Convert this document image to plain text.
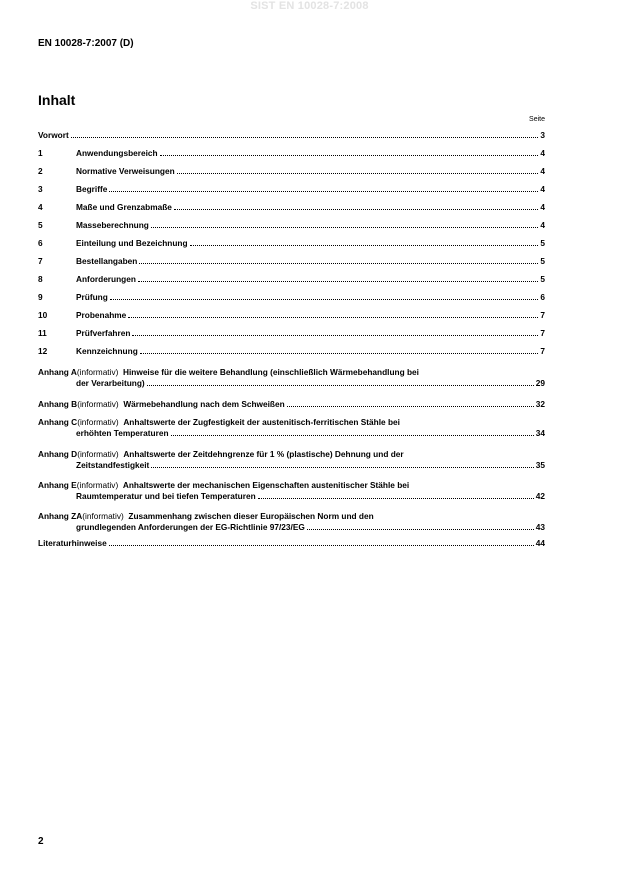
SIST EN 10028-7:2008
EN 10028-7:2007 (D)
Inhalt
Seite
Vorwort	3
1	Anwendungsbereich	4
2	Normative Verweisungen	4
3	Begriffe	4
4	Maße und Grenzabmaße	4
5	Masseberechnung	4
6	Einteilung und Bezeichnung	5
7	Bestellangaben	5
8	Anforderungen	5
9	Prüfung	6
10	Probenahme	7
11	Prüfverfahren	7
12	Kennzeichnung	7
Anhang A (informativ)
Hinweise für die weitere Behandlung (einschließlich Wärmebehandlung bei
der Verarbeitung)	29
Anhang B (informativ)
Wärmebehandlung nach dem Schweißen	32
Anhang C (informativ)
Anhaltswerte der Zugfestigkeit der austenitisch-ferritischen Stähle bei
erhöhten Temperaturen	34
Anhang D (informativ)
Anhaltswerte der Zeitdehngrenze für 1 % (plastische) Dehnung und der
Zeitstandfestigkeit	35
Anhang E (informativ)
Anhaltswerte der mechanischen Eigenschaften austenitischer Stähle bei
Raumtemperatur und bei tiefen Temperaturen	42
Anhang ZA (informativ)
Zusammenhang zwischen dieser Europäischen Norm und den
grundlegenden Anforderungen der EG-Richtlinie 97/23/EG	43
Literaturhinweise	44
2
